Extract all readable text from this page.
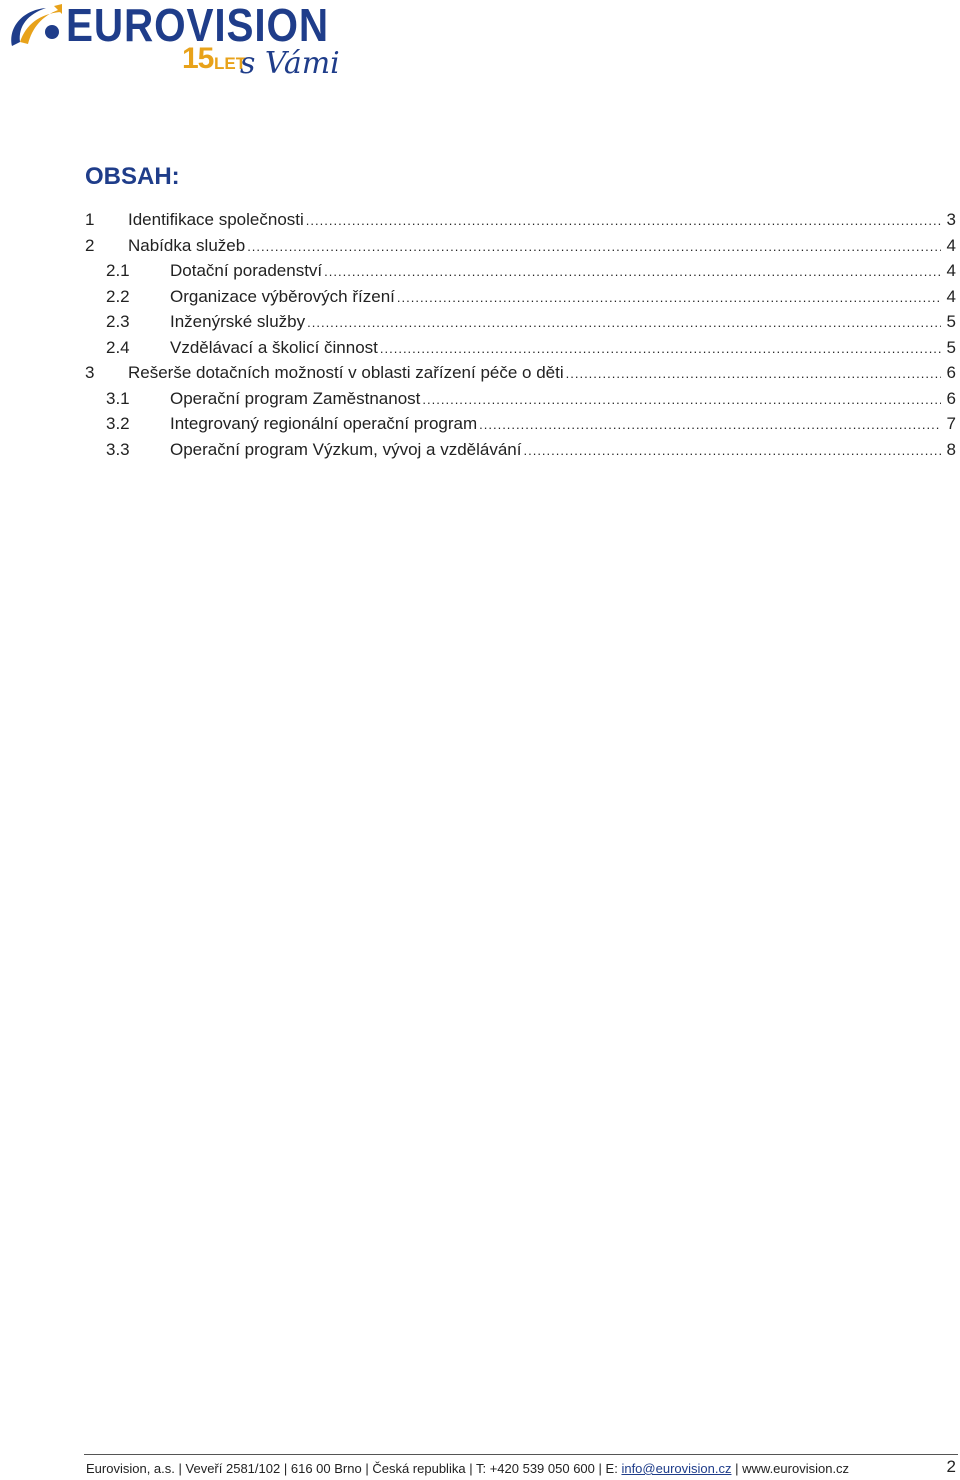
EUROVISION
15 LET
s Vámi
OBSAH:
1	Identifikace společnosti .....	3
2	Nabídka služeb .....	4
2.1	Dotační poradenství .....	4
2.2	Organizace výběrových řízení .....	4
2.3	Inženýrské služby .....	5
2.4	Vzdělávací a školicí činnost .....	5
3	Rešerše dotačních možností v oblasti zařízení péče o děti .....	6
3.1	Operační program Zaměstnanost .....	6
3.2	Integrovaný regionální operační program .....	7
3.3	Operační program Výzkum, vývoj a vzdělávání .....	8
Eurovision, a.s. | Veveří 2581/102 | 616 00 Brno | Česká republika | T: +420 539 050 600 | E: info@eurovision.cz | www.eurovision.cz	2
